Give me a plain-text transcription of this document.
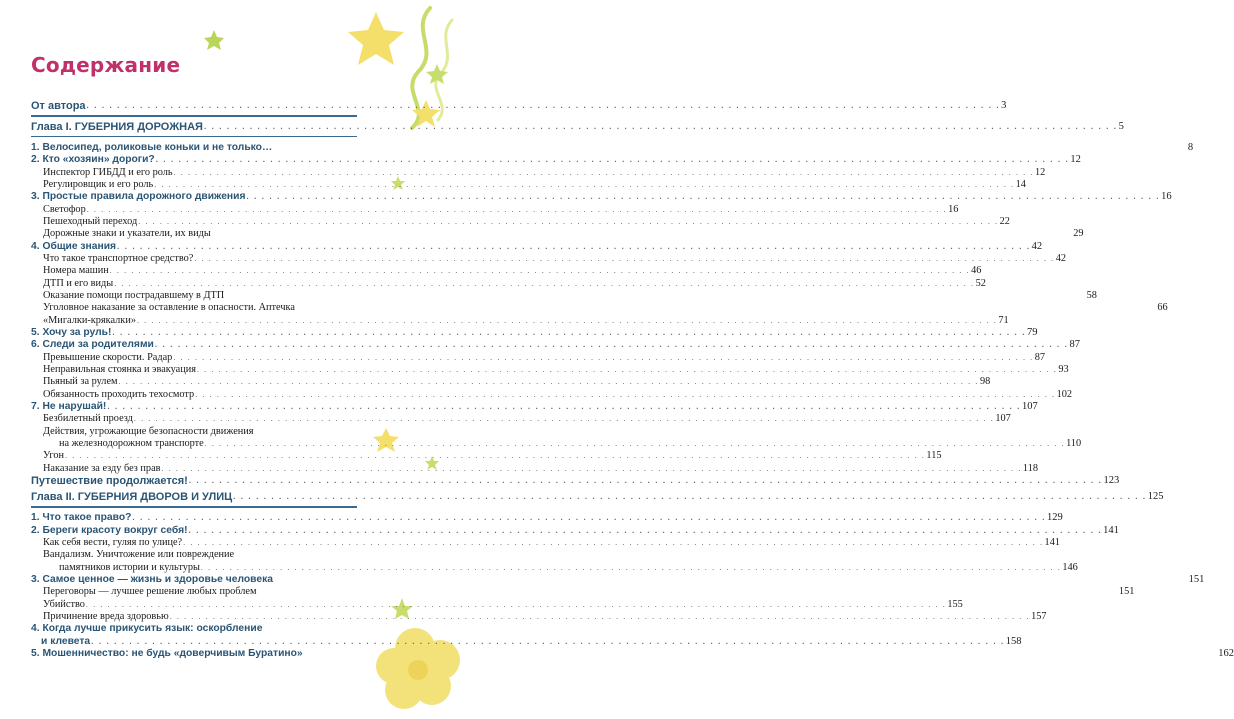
Содержание
От автора . . . . . . . . . . . . . . . . . . . . . . . . . . . . . . . . . . . . . . . . . . . . . . . . . . . . . . . . . . . . . . . . . . . . . . . . . . . . . . . . . . . . . . . . . . . . . . . . . . . . . . . . . . . . . . . . . . . . . . . . 3
Глава I. ГУБЕРНИЯ ДОРОЖНАЯ . . . . . . . . . . . . . . . . . . . . . . . . . . . . . . . . . . . . . . . . . . . . . . . . . . . . . . . . . . . . . . . . . . . . . . . . . . . . . . . . . . . . . . . . . . . . . . . . . . . . . . . . . . . . . . . . . . . . . . . . 5
1. Велосипед, роликовые коньки и не только…	8
2. Кто «хозяин» дороги? . . . . . . . . . . . . . . . . . . . . . . . . . . . . . . . . . . . . . . . . . . . . . . . . . . . . . . . . . . . . . . . . . . . . . . . . . . . . . . . . . . . . . . . . . . . . . . . . . . . . . . . . . . . . . . . . . . . . . . . . 12
Инспектор ГИБДД и его роль . . . . . . . . . . . . . . . . . . . . . . . . . . . . . . . . . . . . . . . . . . . . . . . . . . . . . . . . . . . . . . . . . . . . . . . . . . . . . . . . . . . . . . . . . . . . . . . . . . . . . . . . . . . . . . . . . . . . . . . . 12
Регулировщик и его роль . . . . . . . . . . . . . . . . . . . . . . . . . . . . . . . . . . . . . . . . . . . . . . . . . . . . . . . . . . . . . . . . . . . . . . . . . . . . . . . . . . . . . . . . . . . . . . . . . . . . . . . . . . . . . . . . . . . . . . . . 14
3. Простые правила дорожного движения . . . . . . . . . . . . . . . . . . . . . . . . . . . . . . . . . . . . . . . . . . . . . . . . . . . . . . . . . . . . . . . . . . . . . . . . . . . . . . . . . . . . . . . . . . . . . . . . . . . . . . . . . . . . . . . . . . . . . . . . 16
Светофор . . . . . . . . . . . . . . . . . . . . . . . . . . . . . . . . . . . . . . . . . . . . . . . . . . . . . . . . . . . . . . . . . . . . . . . . . . . . . . . . . . . . . . . . . . . . . . . . . . . . . . . . . . . . . . . . . . . . . . . . 16
Пешеходный переход . . . . . . . . . . . . . . . . . . . . . . . . . . . . . . . . . . . . . . . . . . . . . . . . . . . . . . . . . . . . . . . . . . . . . . . . . . . . . . . . . . . . . . . . . . . . . . . . . . . . . . . . . . . . . . . . . . . . . . . . 22
Дорожные знаки и указатели, их виды	29
4. Общие знания . . . . . . . . . . . . . . . . . . . . . . . . . . . . . . . . . . . . . . . . . . . . . . . . . . . . . . . . . . . . . . . . . . . . . . . . . . . . . . . . . . . . . . . . . . . . . . . . . . . . . . . . . . . . . . . . . . . . . . . . 42
Что такое транспортное средство? . . . . . . . . . . . . . . . . . . . . . . . . . . . . . . . . . . . . . . . . . . . . . . . . . . . . . . . . . . . . . . . . . . . . . . . . . . . . . . . . . . . . . . . . . . . . . . . . . . . . . . . . . . . . . . . . . . . . . . . . 42
Номера машин . . . . . . . . . . . . . . . . . . . . . . . . . . . . . . . . . . . . . . . . . . . . . . . . . . . . . . . . . . . . . . . . . . . . . . . . . . . . . . . . . . . . . . . . . . . . . . . . . . . . . . . . . . . . . . . . . . . . . . . . 46
ДТП и его виды . . . . . . . . . . . . . . . . . . . . . . . . . . . . . . . . . . . . . . . . . . . . . . . . . . . . . . . . . . . . . . . . . . . . . . . . . . . . . . . . . . . . . . . . . . . . . . . . . . . . . . . . . . . . . . . . . . . . . . . . 52
Оказание помощи пострадавшему в ДТП	58
Уголовное наказание за оставление в опасности. Аптечка	66
«Мигалки-крякалки» . . . . . . . . . . . . . . . . . . . . . . . . . . . . . . . . . . . . . . . . . . . . . . . . . . . . . . . . . . . . . . . . . . . . . . . . . . . . . . . . . . . . . . . . . . . . . . . . . . . . . . . . . . . . . . . . . . . . . . . . 71
5. Хочу за руль! . . . . . . . . . . . . . . . . . . . . . . . . . . . . . . . . . . . . . . . . . . . . . . . . . . . . . . . . . . . . . . . . . . . . . . . . . . . . . . . . . . . . . . . . . . . . . . . . . . . . . . . . . . . . . . . . . . . . . . . . 79
6. Следи за родителями . . . . . . . . . . . . . . . . . . . . . . . . . . . . . . . . . . . . . . . . . . . . . . . . . . . . . . . . . . . . . . . . . . . . . . . . . . . . . . . . . . . . . . . . . . . . . . . . . . . . . . . . . . . . . . . . . . . . . . . . 87
Превышение скорости. Радар . . . . . . . . . . . . . . . . . . . . . . . . . . . . . . . . . . . . . . . . . . . . . . . . . . . . . . . . . . . . . . . . . . . . . . . . . . . . . . . . . . . . . . . . . . . . . . . . . . . . . . . . . . . . . . . . . . . . . . . . 87
Неправильная стоянка и эвакуация . . . . . . . . . . . . . . . . . . . . . . . . . . . . . . . . . . . . . . . . . . . . . . . . . . . . . . . . . . . . . . . . . . . . . . . . . . . . . . . . . . . . . . . . . . . . . . . . . . . . . . . . . . . . . . . . . . . . . . . . 93
Пьяный за рулем . . . . . . . . . . . . . . . . . . . . . . . . . . . . . . . . . . . . . . . . . . . . . . . . . . . . . . . . . . . . . . . . . . . . . . . . . . . . . . . . . . . . . . . . . . . . . . . . . . . . . . . . . . . . . . . . . . . . . . . . 98
Обязанность проходить техосмотр . . . . . . . . . . . . . . . . . . . . . . . . . . . . . . . . . . . . . . . . . . . . . . . . . . . . . . . . . . . . . . . . . . . . . . . . . . . . . . . . . . . . . . . . . . . . . . . . . . . . . . . . . . . . . . . . . . . . . . . . 102
7. Не нарушай! . . . . . . . . . . . . . . . . . . . . . . . . . . . . . . . . . . . . . . . . . . . . . . . . . . . . . . . . . . . . . . . . . . . . . . . . . . . . . . . . . . . . . . . . . . . . . . . . . . . . . . . . . . . . . . . . . . . . . . . . 107
Безбилетный проезд . . . . . . . . . . . . . . . . . . . . . . . . . . . . . . . . . . . . . . . . . . . . . . . . . . . . . . . . . . . . . . . . . . . . . . . . . . . . . . . . . . . . . . . . . . . . . . . . . . . . . . . . . . . . . . . . . . . . . . . . 107
Действия, угрожающие безопасности движения
на железнодорожном транспорте . . . . . . . . . . . . . . . . . . . . . . . . . . . . . . . . . . . . . . . . . . . . . . . . . . . . . . . . . . . . . . . . . . . . . . . . . . . . . . . . . . . . . . . . . . . . . . . . . . . . . . . . . . . . . . . . . . . . . . . . 110
Угон . . . . . . . . . . . . . . . . . . . . . . . . . . . . . . . . . . . . . . . . . . . . . . . . . . . . . . . . . . . . . . . . . . . . . . . . . . . . . . . . . . . . . . . . . . . . . . . . . . . . . . . . . . . . . . . . . . . . . . . . 115
Наказание за езду без прав . . . . . . . . . . . . . . . . . . . . . . . . . . . . . . . . . . . . . . . . . . . . . . . . . . . . . . . . . . . . . . . . . . . . . . . . . . . . . . . . . . . . . . . . . . . . . . . . . . . . . . . . . . . . . . . . . . . . . . . . 118
Путешествие продолжается! . . . . . . . . . . . . . . . . . . . . . . . . . . . . . . . . . . . . . . . . . . . . . . . . . . . . . . . . . . . . . . . . . . . . . . . . . . . . . . . . . . . . . . . . . . . . . . . . . . . . . . . . . . . . . . . . . . . . . . . . 123
Глава II. ГУБЕРНИЯ ДВОРОВ И УЛИЦ . . . . . . . . . . . . . . . . . . . . . . . . . . . . . . . . . . . . . . . . . . . . . . . . . . . . . . . . . . . . . . . . . . . . . . . . . . . . . . . . . . . . . . . . . . . . . . . . . . . . . . . . . . . . . . . . . . . . . . . . 125
1. Что такое право? . . . . . . . . . . . . . . . . . . . . . . . . . . . . . . . . . . . . . . . . . . . . . . . . . . . . . . . . . . . . . . . . . . . . . . . . . . . . . . . . . . . . . . . . . . . . . . . . . . . . . . . . . . . . . . . . . . . . . . . . 129
2. Береги красоту вокруг себя! . . . . . . . . . . . . . . . . . . . . . . . . . . . . . . . . . . . . . . . . . . . . . . . . . . . . . . . . . . . . . . . . . . . . . . . . . . . . . . . . . . . . . . . . . . . . . . . . . . . . . . . . . . . . . . . . . . . . . . . . 141
Как себя вести, гуляя по улице? . . . . . . . . . . . . . . . . . . . . . . . . . . . . . . . . . . . . . . . . . . . . . . . . . . . . . . . . . . . . . . . . . . . . . . . . . . . . . . . . . . . . . . . . . . . . . . . . . . . . . . . . . . . . . . . . . . . . . . . . 141
Вандализм. Уничтожение или повреждение
памятников истории и культуры . . . . . . . . . . . . . . . . . . . . . . . . . . . . . . . . . . . . . . . . . . . . . . . . . . . . . . . . . . . . . . . . . . . . . . . . . . . . . . . . . . . . . . . . . . . . . . . . . . . . . . . . . . . . . . . . . . . . . . . . 146
3. Самое ценное — жизнь и здоровье человека	151
Переговоры — лучшее решение любых проблем	151
Убийство . . . . . . . . . . . . . . . . . . . . . . . . . . . . . . . . . . . . . . . . . . . . . . . . . . . . . . . . . . . . . . . . . . . . . . . . . . . . . . . . . . . . . . . . . . . . . . . . . . . . . . . . . . . . . . . . . . . . . . . . 155
Причинение вреда здоровью . . . . . . . . . . . . . . . . . . . . . . . . . . . . . . . . . . . . . . . . . . . . . . . . . . . . . . . . . . . . . . . . . . . . . . . . . . . . . . . . . . . . . . . . . . . . . . . . . . . . . . . . . . . . . . . . . . . . . . . . 157
4. Когда лучше прикусить язык: оскорбление
и клевета . . . . . . . . . . . . . . . . . . . . . . . . . . . . . . . . . . . . . . . . . . . . . . . . . . . . . . . . . . . . . . . . . . . . . . . . . . . . . . . . . . . . . . . . . . . . . . . . . . . . . . . . . . . . . . . . . . . . . . . . 158
5. Мошенничество: не будь «доверчивым Буратино»	162
